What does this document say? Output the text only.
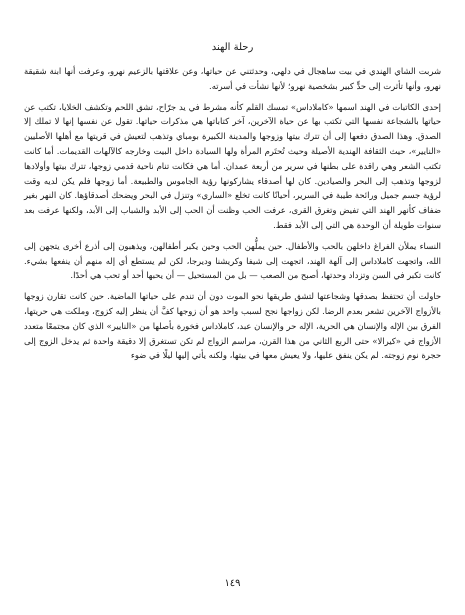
رحلة الهند

شربت الشاي الهندي في بيت ساهجال في دلهي، وحدثتني عن حياتها، وعن علاقتها بالزعيم نهرو، وعرفت أنها ابنة شقيقة نهرو، وأنها تأثرت إلى حدٍّ كبير بشخصية نهرو؛ لأنها نشأت في أسرته.

إحدى الكاتبات في الهند اسمها «كاملاداس» تمسك القلم كأنه مشرط في يد جرّاح، تشق اللحم وتكشف الخلايا، تكتب عن حياتها بالشجاعة نفسها التي تكتب بها عن حياة الآخرين، آخر كتاباتها هي مذكرات حياتها. تقول عن نفسها إنها لا تملك إلا الصدق. وهذا الصدق دفعها إلى أن تترك بيتها وزوجها والمدينة الكبيرة بومباي وتذهب لتعيش في قريتها مع أهلها الأصليين «النايير»، حيث الثقافة الهندية الأصيلة وحيث تُحتَرم المرأة ولها السيادة داخل البيت وخارجه كالآلهات القديمات. أما كانت تكتب الشعر وهي راقدة على بطنها في سرير من أربعة عمدان. أما هي فكانت تنام ناحية قدمي زوجها، تترك بيتها وأولادها لزوجها وتذهب إلى البحر والصيادين. كان لها أصدقاء يشاركونها رؤية الجاموس والطبيعة. أما زوجها فلم يكن لديه وقت لرؤية جسم جميل ورائحة طيبة في السرير، أحيانًا كانت تخلع «الساري» وتنزل في البحر ويضحك أصدقاؤها. كان النهر بغير ضفاف كأنهر الهند التي تفيض وتغرق القرى، عرفت الحب وظنت أن الحب إلى الأبد والشباب إلى الأبد، ولكنها عرفت بعد سنوات طويلة أن الوحدة هي التي إلى الأبد فقط.

النساء يملأن الفراغ داخلهن بالحب والأطفال. حين يملُّهن الحب وحين يكبر أطفالهن، ويذهبون إلى أذرع أخرى يتجهن إلى الله، واتجهت كاملاداس إلى آلهة الهند، اتجهت إلى شيفا وكريشنا وديرجا، لكن لم يستطع أي إله منهم أن ينفعها بشيء. كانت تكبر في السن وتزداد وحدتها، أصبح من الصعب — بل من المستحيل — أن يحبها أحد أو تحب هي أحدًا.

حاولت أن تحتفظ بصدقها وشجاعتها لتشق طريقها نحو الموت دون أن تندم على حياتها الماضية. حين كانت تقارن زوجها بالأزواج الآخرين تشعر بعدم الرضا. لكن زواجها نجح لسبب واحد هو أن زوجها كفَّ أن ينظر إليه كزوج، وملكت هي حريتها، الفرق بين الإله والإنسان هي الحرية، الإله حر والإنسان عبد، كاملاداس فخورة بأصلها من «النايير» الذي كان مجتمعًا متعدد الأزواج في «كيرالا» حتى الربع الثاني من هذا القرن، مراسم الزواج لم تكن تستغرق إلا دقيقة واحدة ثم يدخل الزوج إلى حجرة نوم زوجته. لم يكن ينفق عليها، ولا يعيش معها في بيتها، ولكنه يأتي إليها ليلًا في ضوء

١٤٩
